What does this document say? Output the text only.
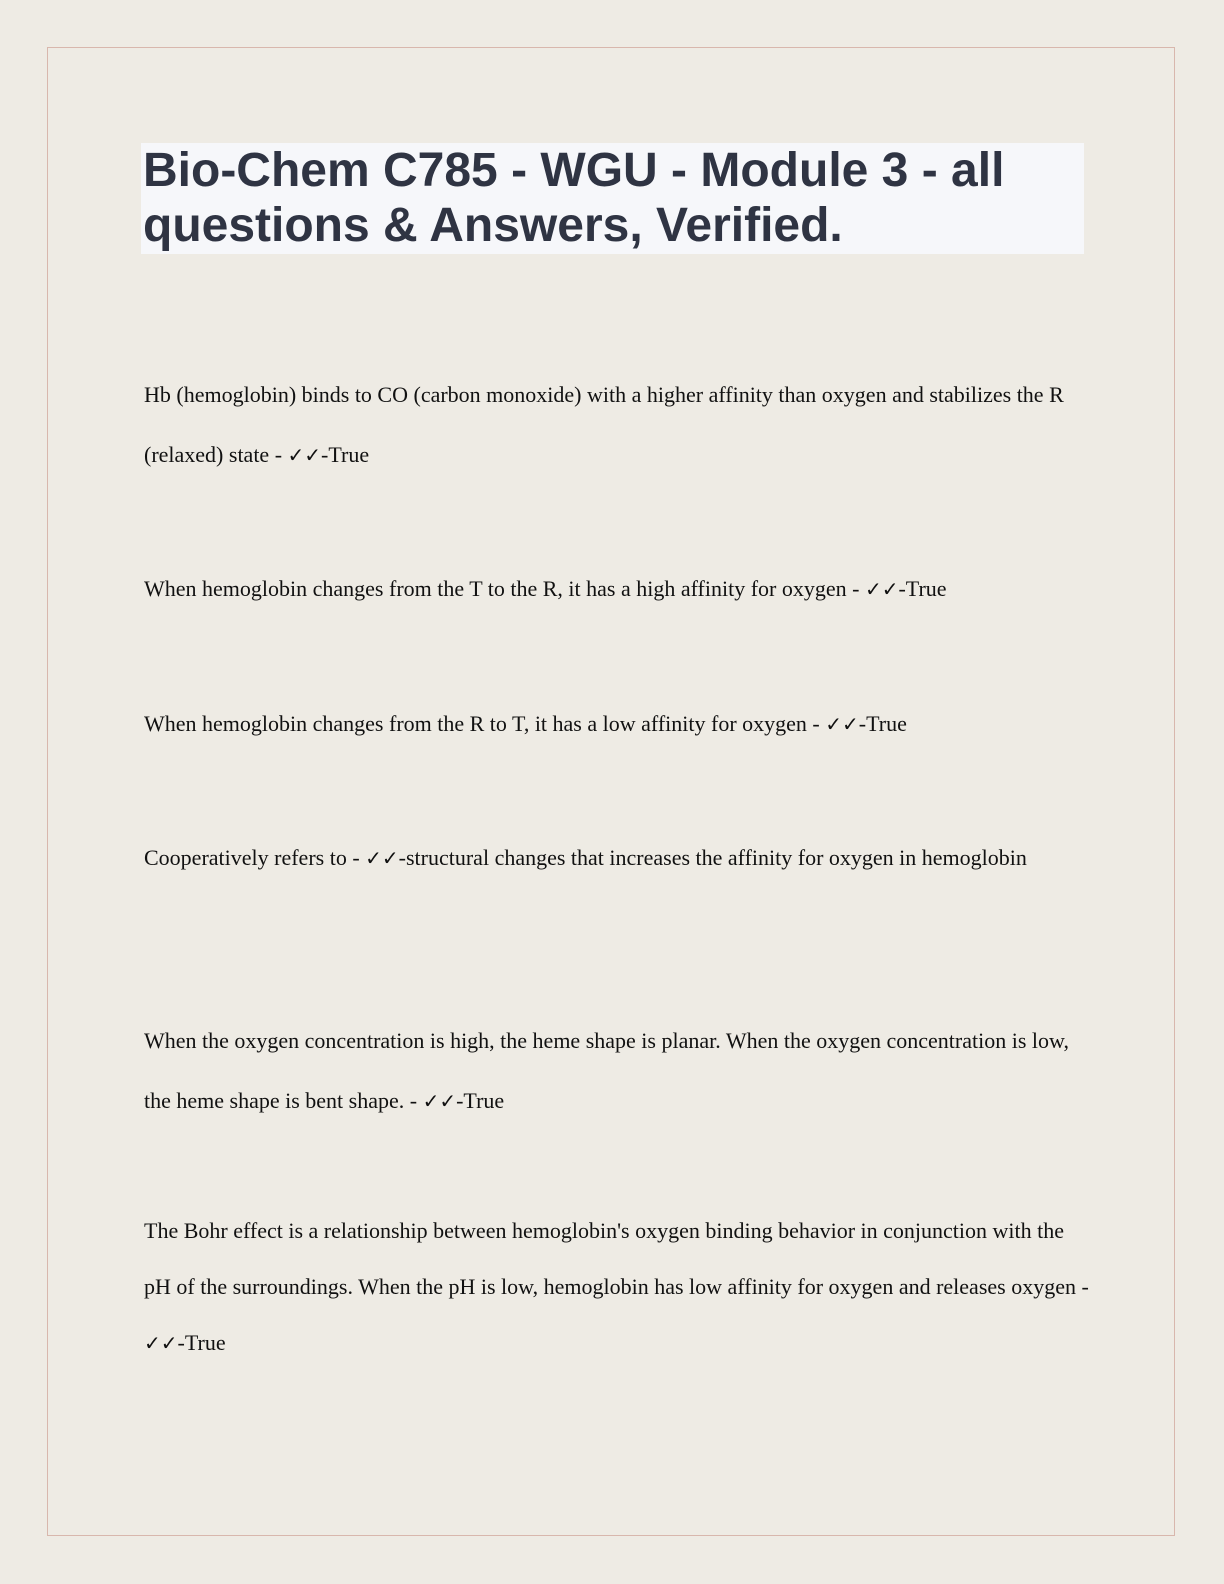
Bio-Chem C785 - WGU - Module 3 - all questions & Answers, Verified.

Hb (hemoglobin) binds to CO (carbon monoxide) with a higher affinity than oxygen and stabilizes the R (relaxed) state - ✓✓-True

When hemoglobin changes from the T to the R, it has a high affinity for oxygen - ✓✓-True

When hemoglobin changes from the R to T, it has a low affinity for oxygen - ✓✓-True

Cooperatively refers to - ✓✓-structural changes that increases the affinity for oxygen in hemoglobin

When the oxygen concentration is high, the heme shape is planar. When the oxygen concentration is low, the heme shape is bent shape. - ✓✓-True

The Bohr effect is a relationship between hemoglobin's oxygen binding behavior in conjunction with the pH of the surroundings. When the pH is low, hemoglobin has low affinity for oxygen and releases oxygen - ✓✓-True
